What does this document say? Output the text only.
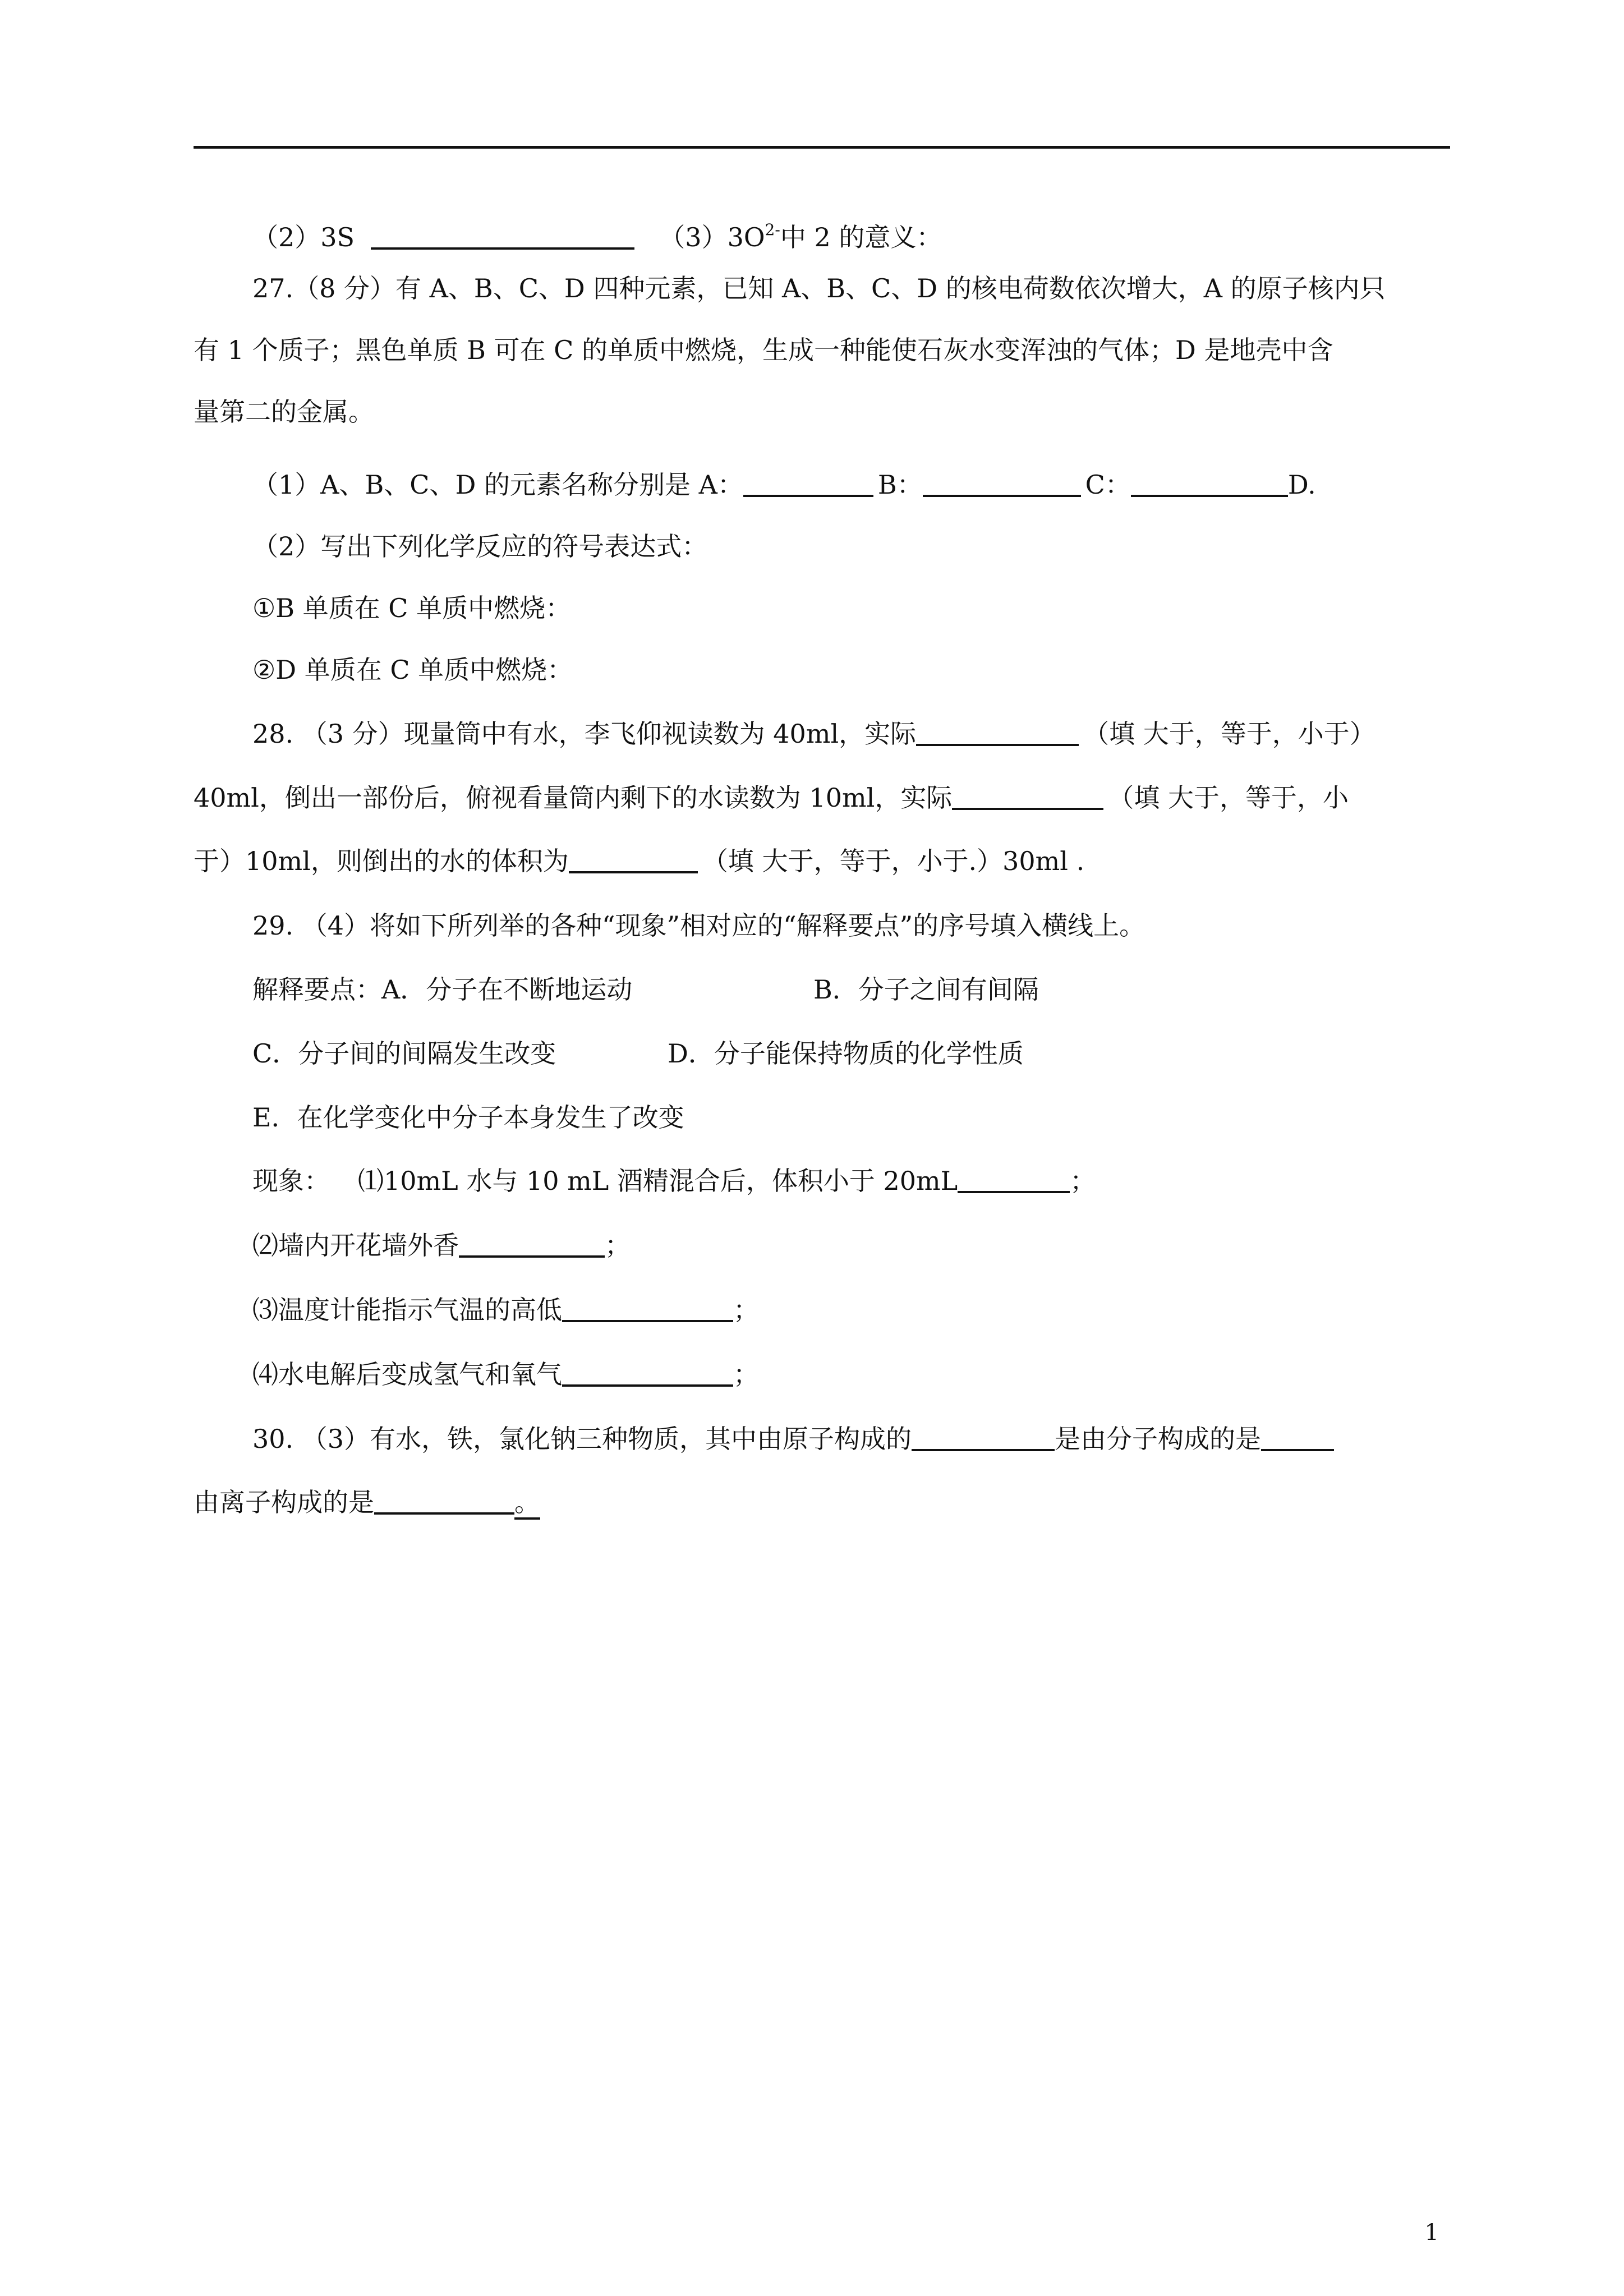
（2）3S	$(3)3O^{2-}$中 2 的意义：
27.（8 分）有 A、B、C、D 四种元素，已知 A、B、C、D 的核电荷数依次增大，A 的原子核内只
有 1 个质子；黑色单质 B 可在 C 的单质中燃烧，生成一种能使石灰水变浑浊的气体；D 是地壳中含
量第二的金属。
（1）A、B、C、D 的元素名称分别是 A：	B：	C：	D.
（2）写出下列化学反应的符号表达式：
①B 单质在 C 单质中燃烧：
②D 单质在 C 单质中燃烧：
28. （3 分）现量筒中有水，李飞仰视读数为 40ml，实际	（填 大于，等于，小于）
40ml，倒出一部份后，俯视看量筒内剩下的水读数为 10ml，实际	（填 大于，等于，小
于）10ml，则倒出的水的体积为	（填 大于，等于，小于.）30ml .
29. （4）将如下所列举的各种“现象”相对应的“解释要点”的序号填入横线上。
解释要点：A．分子在不断地运动	B．分子之间有间隔
C．分子间的间隔发生改变	D．分子能保持物质的化学性质
E．在化学变化中分子本身发生了改变
现象： ⑴10mL 水与 10 mL 酒精混合后，体积小于 20mL	；
⑵墙内开花墙外香	；
⑶温度计能指示气温的高低	；
⑷水电解后变成氢气和氧气	；
30. （3）有水，铁，氯化钠三种物质，其中由原子构成的	是由分子构成的是
由离子构成的是	。
1
